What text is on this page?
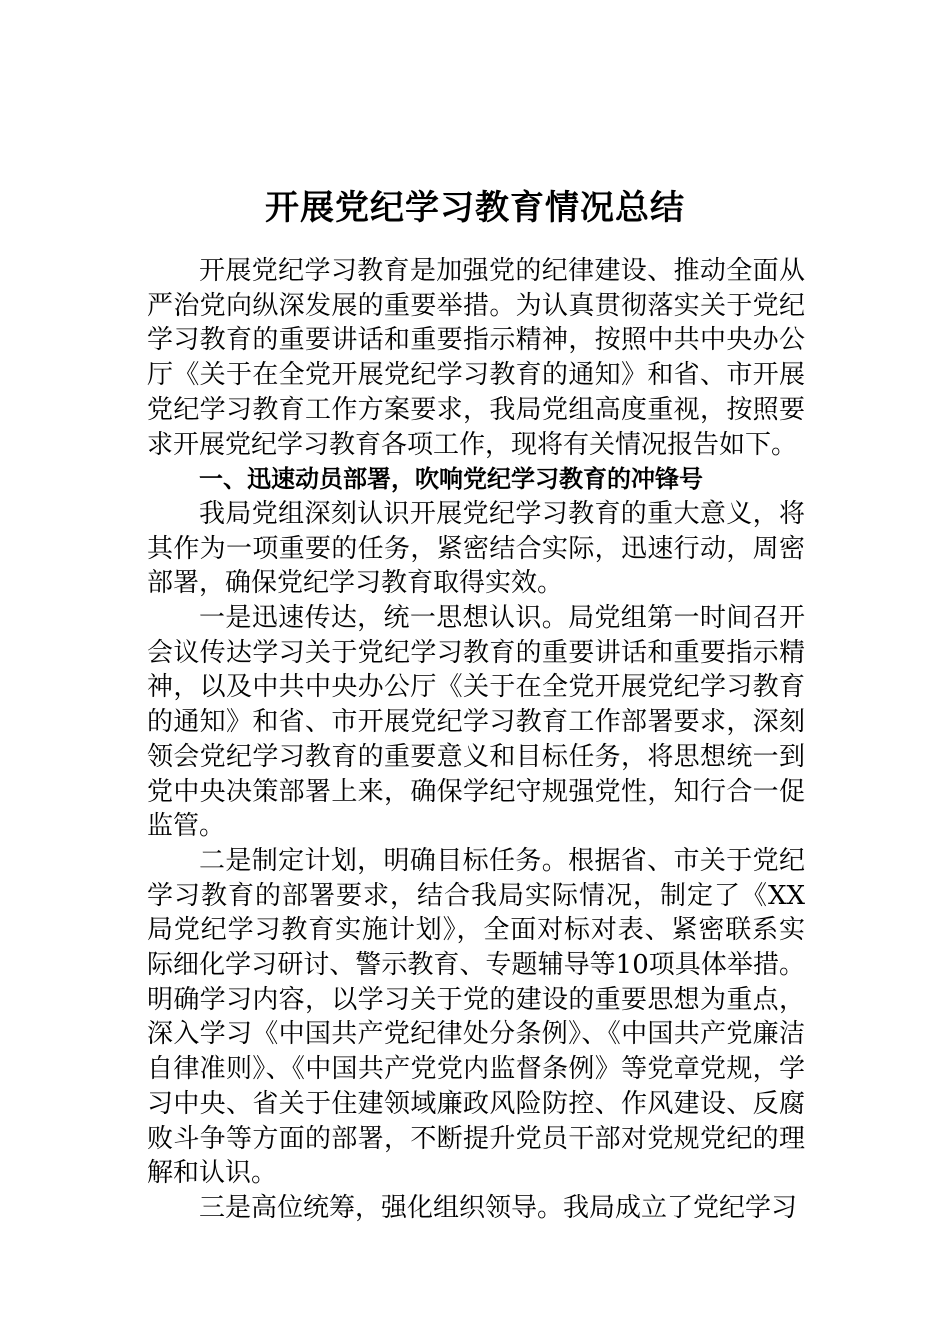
开展党纪学习教育情况总结

开展党纪学习教育是加强党的纪律建设、推动全面从严治党向纵深发展的重要举措。为认真贯彻落实关于党纪学习教育的重要讲话和重要指示精神，按照中共中央办公厅《关于在全党开展党纪学习教育的通知》和省、市开展党纪学习教育工作方案要求，我局党组高度重视，按照要求开展党纪学习教育各项工作，现将有关情况报告如下。

一、迅速动员部署，吹响党纪学习教育的冲锋号

我局党组深刻认识开展党纪学习教育的重大意义，将其作为一项重要的任务，紧密结合实际，迅速行动，周密部署，确保党纪学习教育取得实效。

一是迅速传达，统一思想认识。局党组第一时间召开会议传达学习关于党纪学习教育的重要讲话和重要指示精神，以及中共中央办公厅《关于在全党开展党纪学习教育的通知》和省、市开展党纪学习教育工作部署要求，深刻领会党纪学习教育的重要意义和目标任务，将思想统一到党中央决策部署上来，确保学纪守规强党性，知行合一促监管。

二是制定计划，明确目标任务。根据省、市关于党纪学习教育的部署要求，结合我局实际情况，制定了《XX局党纪学习教育实施计划》，全面对标对表、紧密联系实际细化学习研讨、警示教育、专题辅导等10项具体举措。明确学习内容，以学习关于党的建设的重要思想为重点，深入学习《中国共产党纪律处分条例》、《中国共产党廉洁自律准则》、《中国共产党党内监督条例》等党章党规，学习中央、省关于住建领域廉政风险防控、作风建设、反腐败斗争等方面的部署，不断提升党员干部对党规党纪的理解和认识。

三是高位统筹，强化组织领导。我局成立了党纪学习
